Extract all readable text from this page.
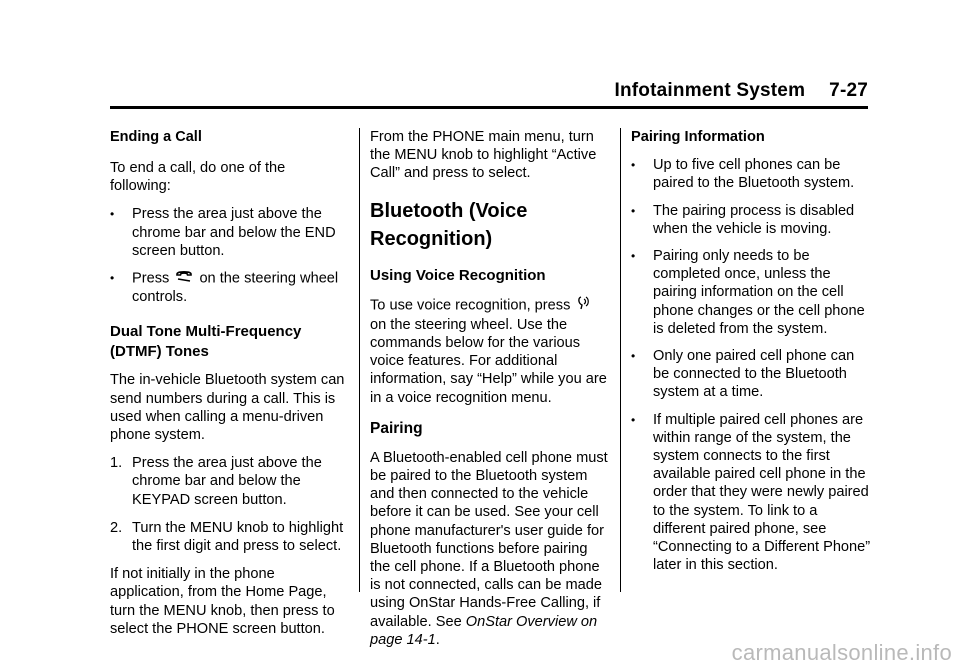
Infotainment System 7-27
Ending a Call

To end a call, do one of the following:

• Press the area just above the chrome bar and below the END screen button.
• Press on the steering wheel controls.
Dual Tone Multi-Frequency (DTMF) Tones

The in-vehicle Bluetooth system can send numbers during a call. This is used when calling a menu-driven phone system.

1. Press the area just above the chrome bar and below the KEYPAD screen button.
2. Turn the MENU knob to highlight the first digit and press to select.

If not initially in the phone application, from the Home Page, turn the MENU knob, then press to select the PHONE screen button.

From the PHONE main menu, turn the MENU knob to highlight “Active Call” and press to select.

Bluetooth (Voice Recognition)
Using Voice Recognition

To use voice recognition, press  on the steering wheel. Use the commands below for the various voice features. For additional information, say “Help” while you are in a voice recognition menu.

Pairing

A Bluetooth-enabled cell phone must be paired to the Bluetooth system and then connected to the vehicle before it can be used. See your cell phone manufacturer's user guide for Bluetooth functions before pairing the cell phone. If a Bluetooth phone is not connected, calls can be made using OnStar Hands-Free Calling, if available. See OnStar Overview on page 14-1.

Pairing Information
• Up to five cell phones can be paired to the Bluetooth system.
• The pairing process is disabled when the vehicle is moving.
• Pairing only needs to be completed once, unless the pairing information on the cell phone changes or the cell phone is deleted from the system.
• Only one paired cell phone can be connected to the Bluetooth system at a time.
• If multiple paired cell phones are within range of the system, the system connects to the first available paired cell phone in the order that they were newly paired to the system. To link to a different paired phone, see “Connecting to a Different Phone” later in this section.
carmanualsonline.info
